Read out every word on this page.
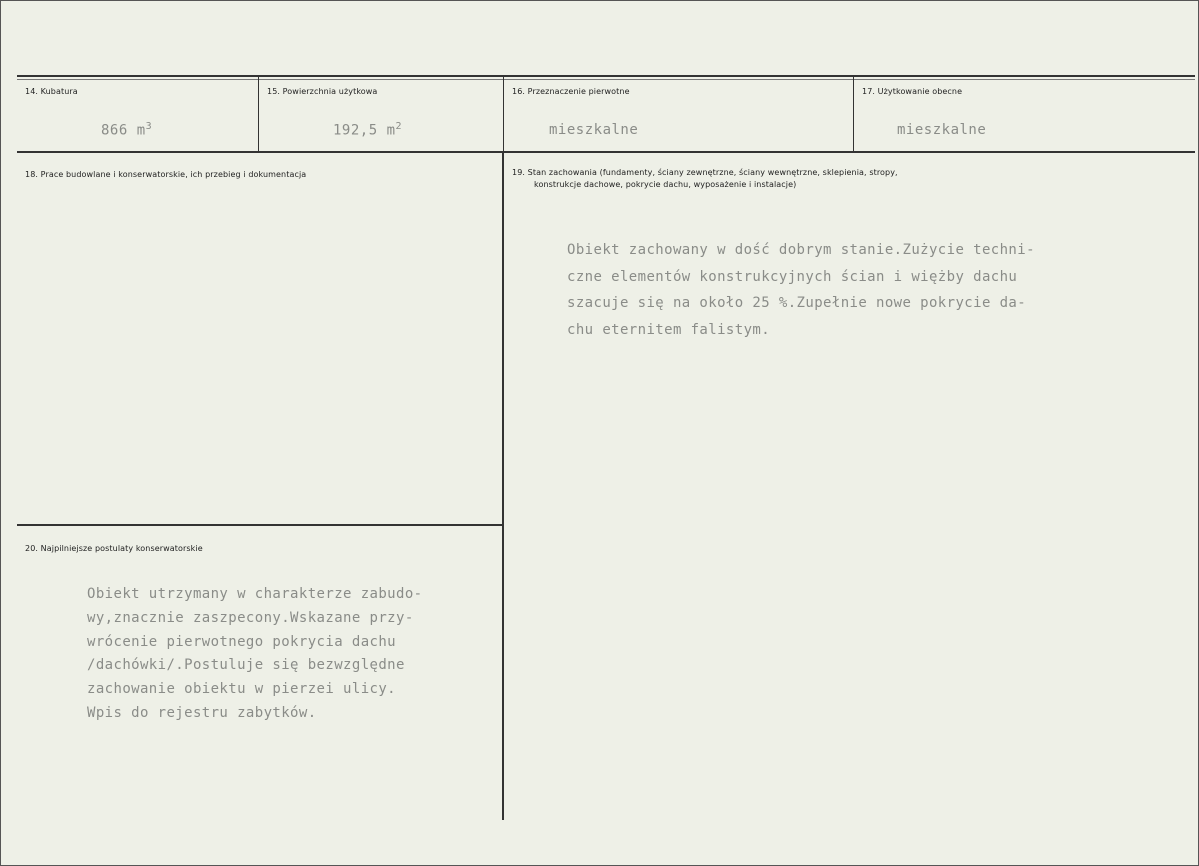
14. Kubatura
866 $m^3$
15. Powierzchnia użytkowa
192,5 $m^2$
16. Przeznaczenie pierwotne
mieszkalne
17. Użytkowanie obecne
mieszkalne
18. Prace budowlane i konserwatorskie, ich przebieg i dokumentacja	19. Stan zachowania (fundamenty, ściany zewnętrzne, ściany wewnętrzne, sklepienia, stropy,
konstrukcje dachowe, pokrycie dachu, wyposażenie i instalacje)
Obiekt zachowany w dość dobrym stanie.Zużycie techni-
czne elementów konstrukcyjnych ścian i więżby dachu
szacuje się na około 25 %.Zupełnie nowe pokrycie da-
chu eternitem falistym.
20. Najpilniejsze postulaty konserwatorskie
Obiekt utrzymany w charakterze zabudo-
wy,znacznie zaszpecony.Wskazane przy-
wrócenie pierwotnego pokrycia dachu
/dachówki/.Postuluje się bezwzględne
zachowanie obiektu w pierzei ulicy.
Wpis do rejestru zabytków.
